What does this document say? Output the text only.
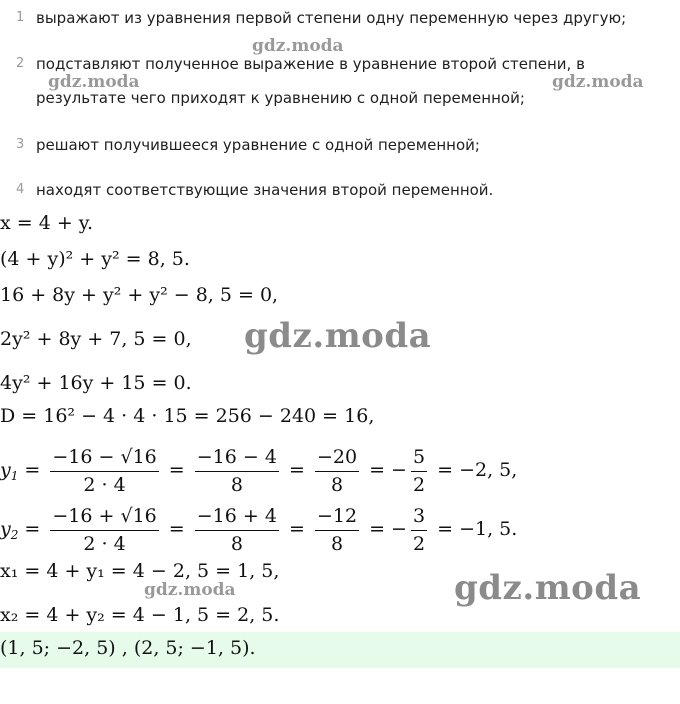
1 выражают из уравнения первой степени одну переменную через другую;
2 подставляют полученное выражение в уравнение второй степени, в результате чего приходят к уравнению с одной переменной;
3 решают получившееся уравнение с одной переменной;
4 находят соответствующие значения второй переменной.
x = 4 + y.
(4 + y)² + y² = 8, 5.
16 + 8y + y² + y² − 8, 5 = 0,
2y² + 8y + 7, 5 = 0,
4y² + 16y + 15 = 0.
D = 16² − 4 · 4 · 15 = 256 − 240 = 16,
$y_1 = \frac{-16 - √16}{2 \cdot 4} = \frac{-16 - 4}{8} = \frac{-20}{8}$ = − $\frac{5}{2} = -2$, 5,
$y_2 = \frac{-16 + √16}{2 \cdot 4} = \frac{-16 + 4}{8} = \frac{-12}{8}$ = − $\frac{3}{2} = -1$, 5.
x₁ = 4 + y₁ = 4 − 2, 5 = 1, 5,
x₂ = 4 + y₂ = 4 − 1, 5 = 2, 5.
(1, 5; −2, 5) , (2, 5; −1, 5).
gdz.moda
gdz.moda	gdz.moda
gdz.moda
gdz.moda	gdz.moda
